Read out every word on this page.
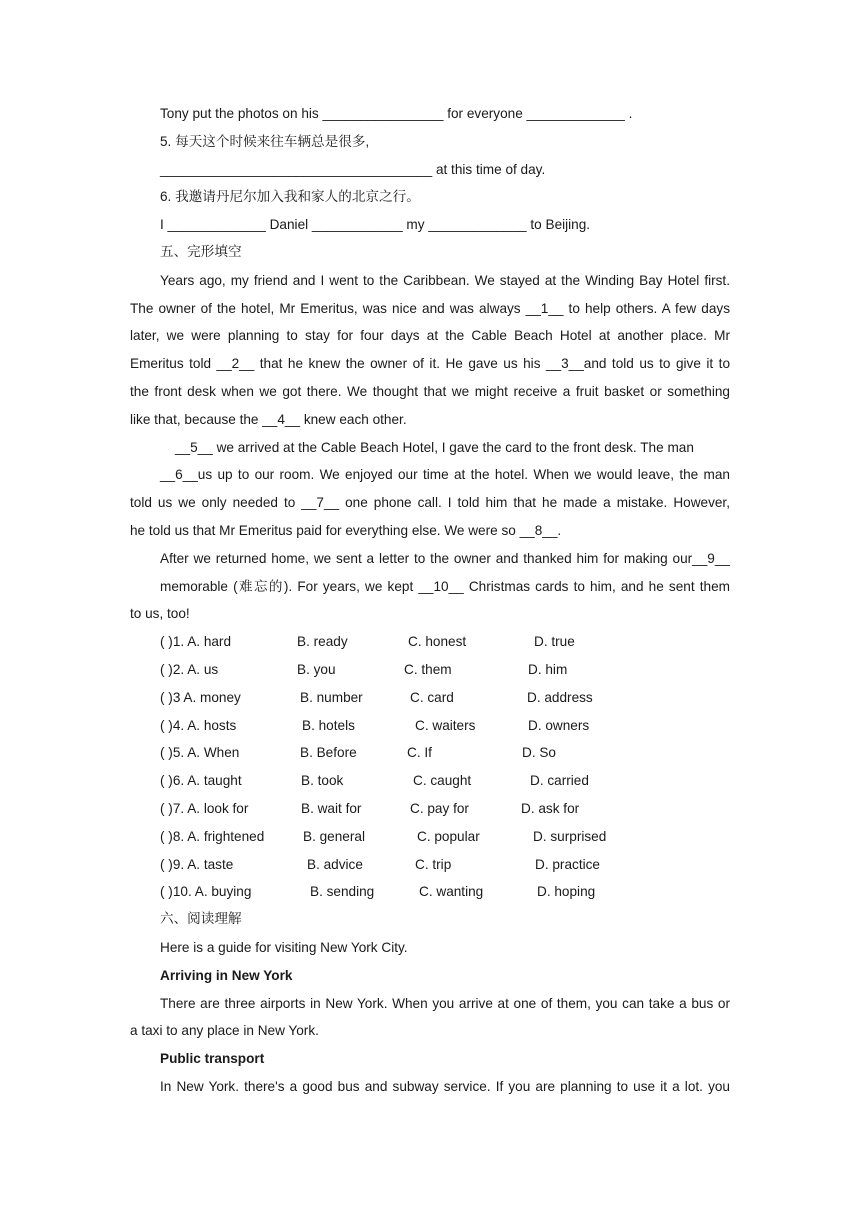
Tony put the photos on his ________________ for everyone _____________ .
5. 每天这个时候来往车辆总是很多,
____________________________________ at this time of day.
6. 我邀请丹尼尔加入我和家人的北京之行。
I _____________ Daniel ____________ my _____________ to Beijing.
五、完形填空
Years ago, my friend and I went to the Caribbean. We stayed at the Winding Bay Hotel first.
The owner of the hotel, Mr Emeritus, was nice and was always __1__ to help others. A few days
later, we were planning to stay for four days at the Cable Beach Hotel at another place. Mr
Emeritus told __2__ that he knew the owner of it. He gave us his __3__and told us to give it to
the front desk when we got there. We thought that we might receive a fruit basket or something
like that, because the __4__ knew each other.
__5__ we arrived at the Cable Beach Hotel, I gave the card to the front desk. The man
__6__us up to our room. We enjoyed our time at the hotel. When we would leave, the man
told us we only needed to __7__ one phone call. I told him that he made a mistake. However,
he told us that Mr Emeritus paid for everything else. We were so __8__.
After we returned home, we sent a letter to the owner and thanked him for making our__9__
memorable (难忘的). For years, we kept __10__ Christmas cards to him, and he sent them
to us, too!
( )1. A. hard	B. ready	C. honest	D. true
( )2. A. us	B. you	C. them	D. him
( )3 A. money	B. number	C. card	D. address
( )4. A. hosts	B. hotels	C. waiters	D. owners
( )5. A. When	B. Before	C. If	D. So
( )6. A. taught	B. took	C. caught	D. carried
( )7. A. look for	B. wait for	C. pay for	D. ask for
( )8. A. frightened	B. general	C. popular	D. surprised
( )9. A. taste	B. advice	C. trip	D. practice
( )10. A. buying	B. sending	C. wanting	D. hoping
六、阅读理解
Here is a guide for visiting New York City.
Arriving in New York
There are three airports in New York. When you arrive at one of them, you can take a bus or
a taxi to any place in New York.
Public transport
In New York. there's a good bus and subway service. If you are planning to use it a lot. you
